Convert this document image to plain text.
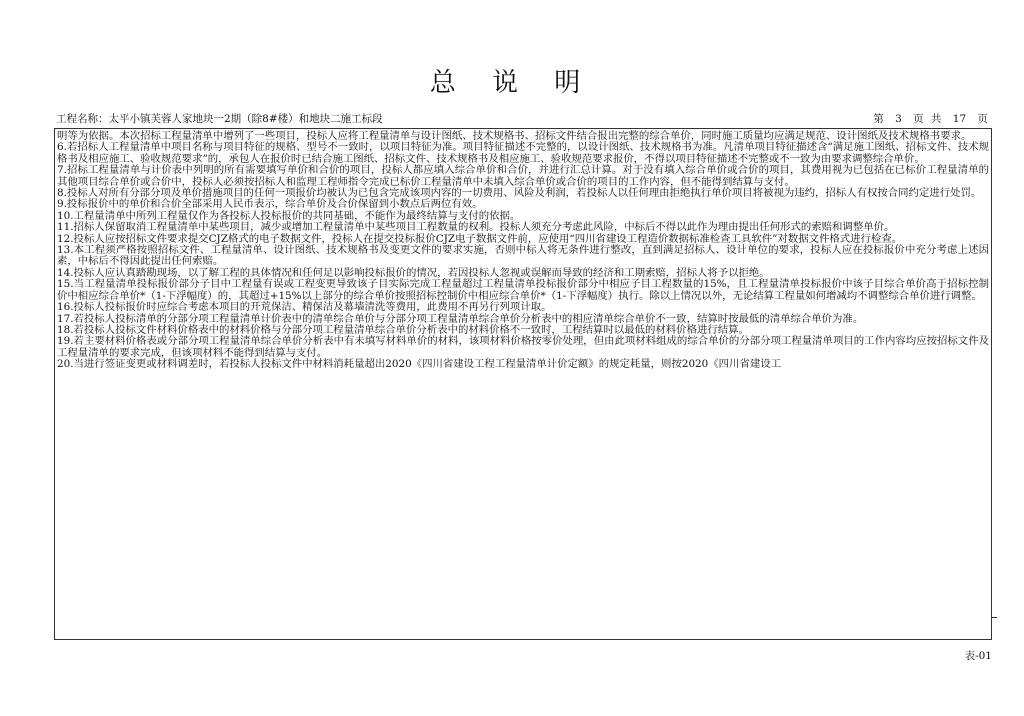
总 说 明
工程名称：太平小镇芙蓉人家地块一2期（除8#楼）和地块二施工标段	第 3 页 共 17 页

明等为依据。本次招标工程量清单中增列了一些项目，投标人应将工程量清单与设计图纸、技术规格书、招标文件结合报出完整的综合单价，同时施工质量均应满足规范、设计图纸及技术规格书要求。

6.若招标人工程量清单中项目名称与项目特征的规格、型号不一致时，以项目特征为准。项目特征描述不完整的，以设计图纸、技术规格书为准。凡清单项目特征描述含“满足施工图纸、招标文件、技术规格书及相应施工、验收规范要求”的，承包人在报价时已结合施工图纸、招标文件、技术规格书及相应施工、验收规范要求报价，不得以项目特征描述不完整或不一致为由要求调整综合单价。

7.招标工程量清单与计价表中列明的所有需要填写单价和合价的项目，投标人都应填入综合单价和合价，并进行汇总计算。对于没有填入综合单价或合价的项目，其费用视为已包括在已标价工程量清单的其他项目综合单价或合价中，投标人必须按招标人和监理工程师指令完成已标价工程量清单中未填入综合单价或合价的项目的工作内容，但不能得到结算与支付。

8.投标人对所有分部分项及单价措施项目的任何一项报价均被认为已包含完成该项内容的一切费用、风险及利润，若投标人以任何理由拒绝执行单价项目将被视为违约，招标人有权按合同约定进行处罚。

9.投标报价中的单价和合价全部采用人民币表示，综合单价及合价保留到小数点后两位有效。

10.工程量清单中所列工程量仅作为各投标人投标报价的共同基础，不能作为最终结算与支付的依据。

11.招标人保留取消工程量清单中某些项目，减少或增加工程量清单中某些项目工程数量的权利。投标人须充分考虑此风险，中标后不得以此作为理由提出任何形式的索赔和调整单价。

12.投标人应按招标文件要求提交CJZ格式的电子数据文件，投标人在提交投标报价CJZ电子数据文件前，应使用“四川省建设工程造价数据标准检查工具软件”对数据文件格式进行检查。

13.本工程须严格按照招标文件、工程量清单、设计图纸、技术规格书及变更文件的要求实施，否则中标人将无条件进行整改，直到满足招标人、设计单位的要求，投标人应在投标报价中充分考虑上述因素，中标后不得因此提出任何索赔。

14.投标人应认真踏勘现场，以了解工程的具体情况和任何足以影响投标报价的情况，若因投标人忽视或误解而导致的经济和工期索赔，招标人将予以拒绝。

15.当工程量清单投标报价部分子目中工程量有误或工程变更导致该子目实际完成工程量超过工程量清单投标报价部分中相应子目工程数量的15%，且工程量清单投标报价中该子目综合单价高于招标控制价中相应综合单价*（1-下浮幅度）的，其超过+15%以上部分的综合单价按照招标控制价中相应综合单价*（1-下浮幅度）执行。除以上情况以外，无论结算工程量如何增减均不调整综合单价进行调整。

16.投标人投标报价时应综合考虑本项目的开荒保洁、精保洁及幕墙清洗等费用，此费用不再另行列项计取。

17.若投标人投标清单的分部分项工程量清单计价表中的清单综合单价与分部分项工程量清单综合单价分析表中的相应清单综合单价不一致，结算时按最低的清单综合单价为准。

18.若投标人投标文件材料价格表中的材料价格与分部分项工程量清单综合单价分析表中的材料价格不一致时，工程结算时以最低的材料价格进行结算。

19.若主要材料价格表或分部分项工程量清单综合单价分析表中有未填写材料单价的材料，该项材料价格按零价处理，但由此项材料组成的综合单价的分部分项工程量清单项目的工作内容均应按招标文件及工程量清单的要求完成，但该项材料不能得到结算与支付。

20.当进行签证变更或材料调差时，若投标人投标文件中材料消耗量超出2020《四川省建设工程工程量清单计价定额》的规定耗量，则按2020《四川省建设工

表-01
